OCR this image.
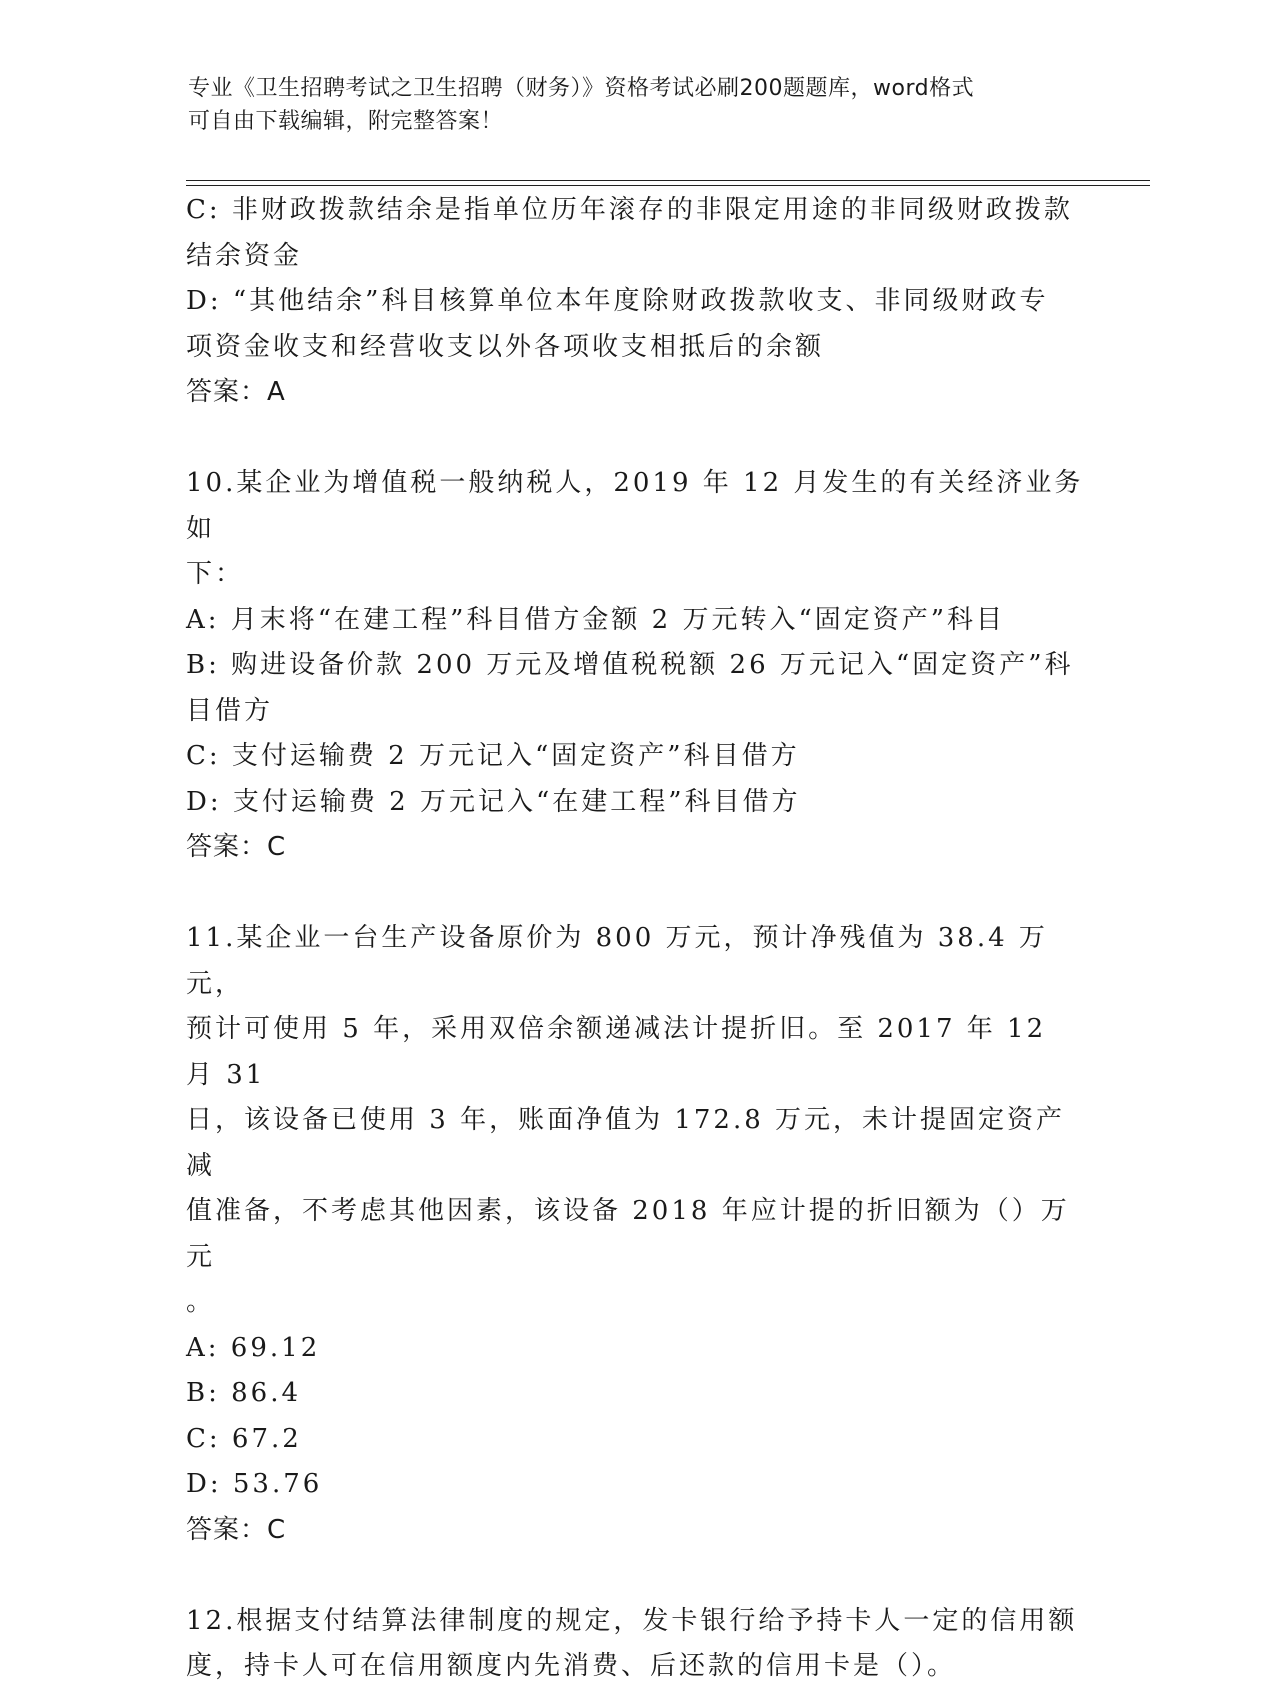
专业《卫生招聘考试之卫生招聘（财务）》资格考试必刷200题题库，word格式
可自由下载编辑，附完整答案！

C: 非财政拨款结余是指单位历年滚存的非限定用途的非同级财政拨款

结余资金

D: “其他结余”科目核算单位本年度除财政拨款收支、非同级财政专

项资金收支和经营收支以外各项收支相抵后的余额

答案：A

10.某企业为增值税一般纳税人，2019 年 12 月发生的有关经济业务如

下：

A: 月末将“在建工程”科目借方金额 2 万元转入“固定资产”科目

B: 购进设备价款 200 万元及增值税税额 26 万元记入“固定资产”科

目借方

C: 支付运输费 2 万元记入“固定资产”科目借方

D: 支付运输费 2 万元记入“在建工程”科目借方

答案：C

11.某企业一台生产设备原价为 800 万元，预计净残值为 38.4 万元，

预计可使用 5 年，采用双倍余额递减法计提折旧。至 2017 年 12 月 31

日，该设备已使用 3 年，账面净值为 172.8 万元，未计提固定资产减

值准备，不考虑其他因素，该设备 2018 年应计提的折旧额为（）万元

。

A: 69.12

B: 86.4

C: 67.2

D: 53.76

答案：C

12.根据支付结算法律制度的规定，发卡银行给予持卡人一定的信用额

度，持卡人可在信用额度内先消费、后还款的信用卡是（）。
